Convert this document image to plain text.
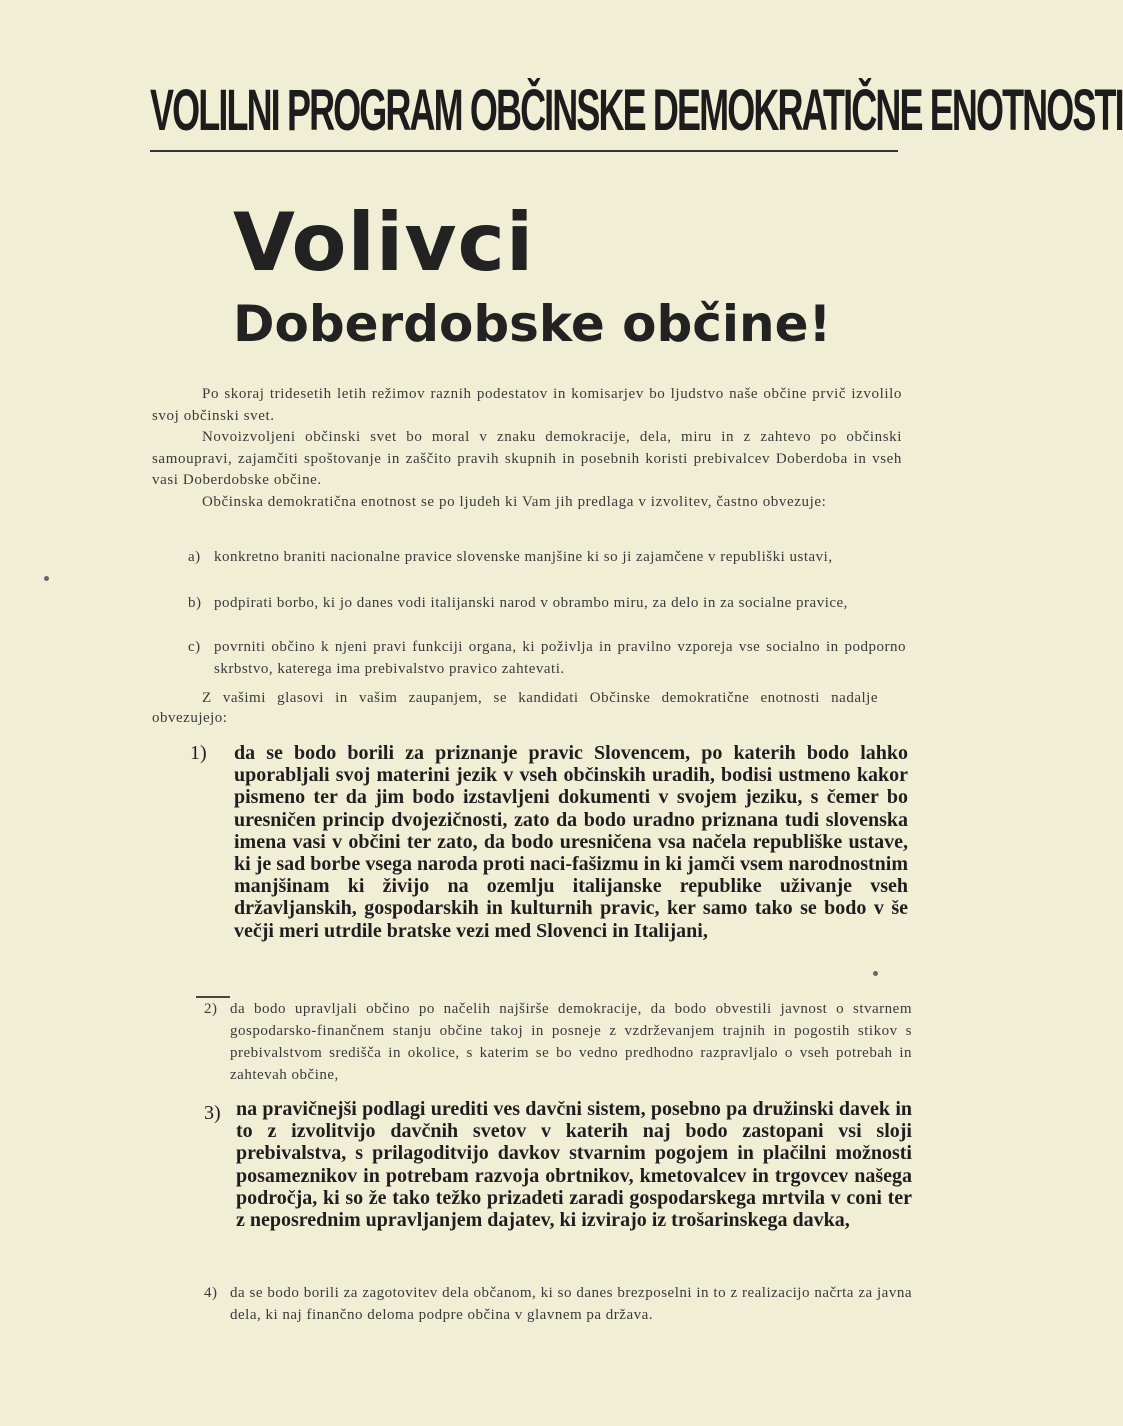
VOLILNI PROGRAM OBČINSKE DEMOKRATIČNE ENOTNOSTI
Volivci
Doberdobske občine!

Po skoraj tridesetih letih režimov raznih podestatov in komisarjev bo ljudstvo naše občine prvič izvolilo svoj občinski svet.

Novoizvoljeni občinski svet bo moral v znaku demokracije, dela, miru in z zahtevo po občinski samoupravi, zajamčiti spoštovanje in zaščito pravih skupnih in posebnih koristi prebivalcev Doberdoba in vseh vasi Doberdobske občine.

Občinska demokratična enotnost se po ljudeh ki Vam jih predlaga v izvolitev, častno obvezuje:

a) konkretno braniti nacionalne pravice slovenske manjšine ki so ji zajamčene v republiški ustavi,
b) podpirati borbo, ki jo danes vodi italijanski narod v obrambo miru, za delo in za socialne pravice,
c) povrniti občino k njeni pravi funkciji organa, ki poživlja in pravilno vzporeja vse socialno in podporno skrbstvo, katerega ima prebivalstvo pravico zahtevati.
Z vašimi glasovi in vašim zaupanjem, se kandidati Občinske demokratične enotnosti nadalje obvezujejo:
1) da se bodo borili za priznanje pravic Slovencem, po katerih bodo lahko uporabljali svoj materini jezik v vseh občinskih uradih, bodisi ustmeno kakor pismeno ter da jim bodo izstavljeni dokumenti v svojem jeziku, s čemer bo uresničen princip dvojezičnosti, zato da bodo uradno priznana tudi slovenska imena vasi v občini ter zato, da bodo uresničena vsa načela republiške ustave, ki je sad borbe vsega naroda proti naci-fašizmu in ki jamči vsem narodnostnim manjšinam ki živijo na ozemlju italijanske republike uživanje vseh državljanskih, gospodarskih in kulturnih pravic, ker samo tako se bodo v še večji meri utrdile bratske vezi med Slovenci in Italijani,
2) da bodo upravljali občino po načelih najširše demokracije, da bodo obvestili javnost o stvarnem gospodarsko-finančnem stanju občine takoj in posneje z vzdrževanjem trajnih in pogostih stikov s prebivalstvom središča in okolice, s katerim se bo vedno predhodno razpravljalo o vseh potrebah in zahtevah občine,
3) na pravičnejši podlagi urediti ves davčni sistem, posebno pa družinski davek in to z izvolitvijo davčnih svetov v katerih naj bodo zastopani vsi sloji prebivalstva, s prilagoditvijo davkov stvarnim pogojem in plačilni možnosti posameznikov in potrebam razvoja obrtnikov, kmetovalcev in trgovcev našega področja, ki so že tako težko prizadeti zaradi gospodarskega mrtvila v coni ter z neposrednim upravljanjem dajatev, ki izvirajo iz trošarinskega davka,
4) da se bodo borili za zagotovitev dela občanom, ki so danes brezposelni in to z realizacijo načrta za javna dela, ki naj finančno deloma podpre občina v glavnem pa država.
